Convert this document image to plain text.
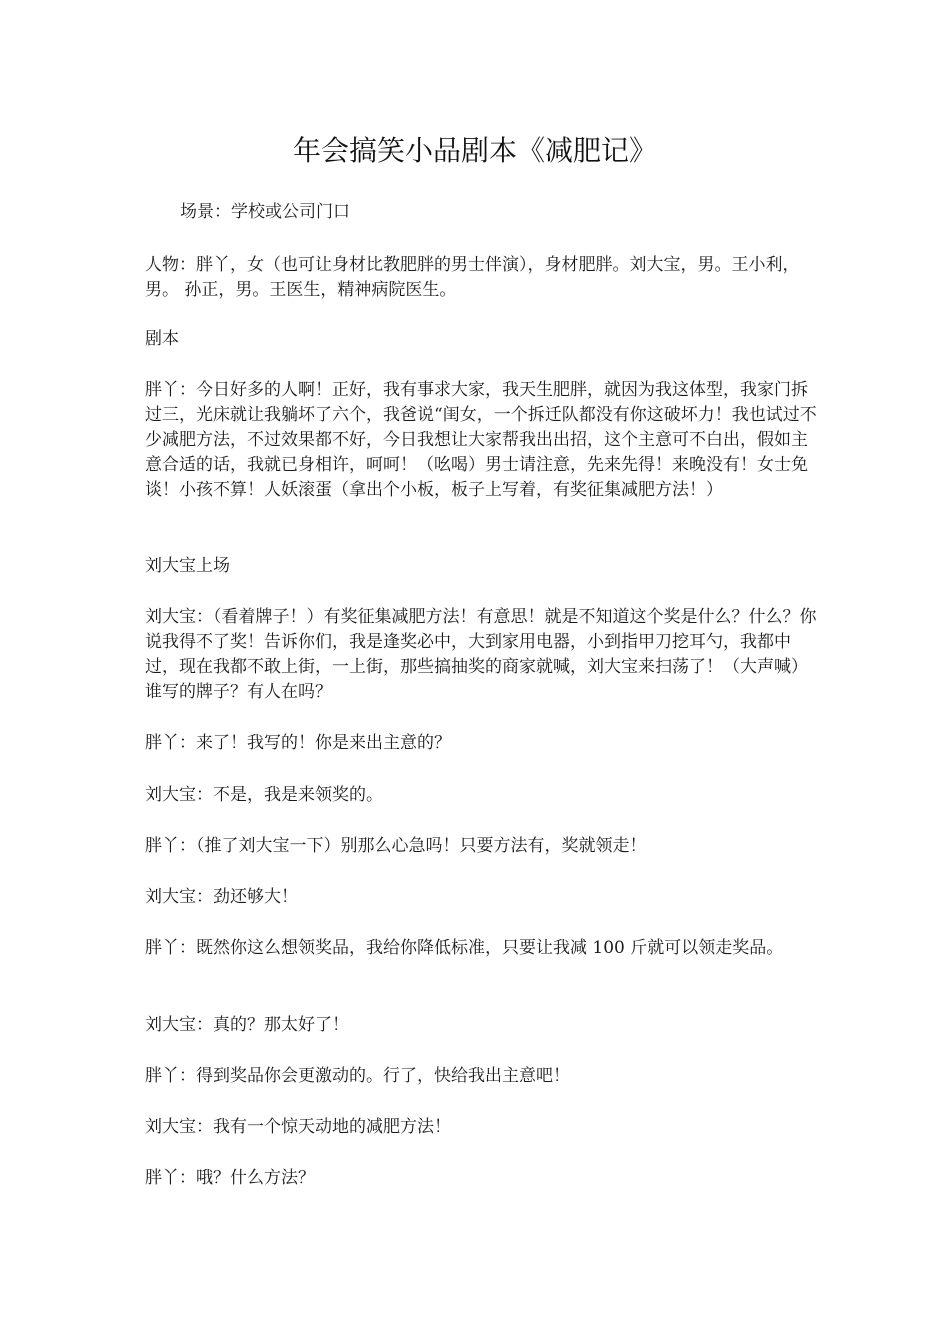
年会搞笑小品剧本《减肥记》
场景：学校或公司门口
人物：胖丫，女（也可让身材比教肥胖的男士伴演），身材肥胖。刘大宝，男。王小利，男。 孙正，男。王医生，精神病院医生。
剧本
胖丫：今日好多的人啊！正好，我有事求大家，我天生肥胖，就因为我这体型，我家门拆过三，光床就让我躺坏了六个，我爸说“闺女，一个拆迁队都没有你这破坏力！我也试过不少减肥方法，不过效果都不好，今日我想让大家帮我出出招，这个主意可不白出，假如主意合适的话，我就已身相许，呵呵！（吆喝）男士请注意，先来先得！来晚没有！女士免谈！小孩不算！人妖滚蛋（拿出个小板，板子上写着，有奖征集减肥方法！）
刘大宝上场
刘大宝：（看着牌子！）有奖征集减肥方法！有意思！就是不知道这个奖是什么？什么？你说我得不了奖！告诉你们，我是逢奖必中，大到家用电器，小到指甲刀挖耳勺，我都中过，现在我都不敢上街，一上街，那些搞抽奖的商家就喊，刘大宝来扫荡了！（大声喊）谁写的牌子？有人在吗？
胖丫：来了！我写的！你是来出主意的？
刘大宝：不是，我是来领奖的。
胖丫：（推了刘大宝一下）别那么心急吗！只要方法有，奖就领走！
刘大宝：劲还够大！
胖丫：既然你这么想领奖品，我给你降低标准，只要让我减 100 斤就可以领走奖品。
刘大宝：真的？那太好了！
胖丫：得到奖品你会更激动的。行了，快给我出主意吧！
刘大宝：我有一个惊天动地的减肥方法！
胖丫：哦？什么方法？
